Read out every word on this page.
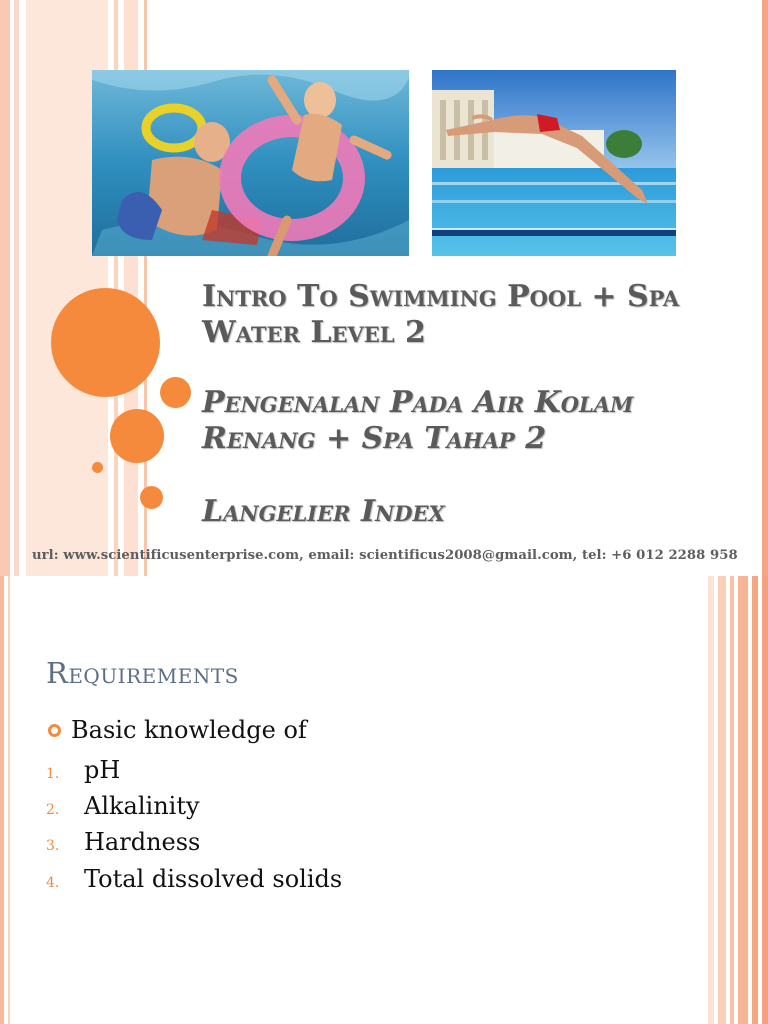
Intro To Swimming Pool + Spa
Water Level 2
Pengenalan Pada Air Kolam
Renang + Spa Tahap 2
Langelier Index
url: www.scientificusenterprise.com, email: scientificus2008@gmail.com, tel: +6 012 2288 958
Requirements
Basic knowledge of
1.	pH
2.	Alkalinity
3.	Hardness
4.	Total dissolved solids
